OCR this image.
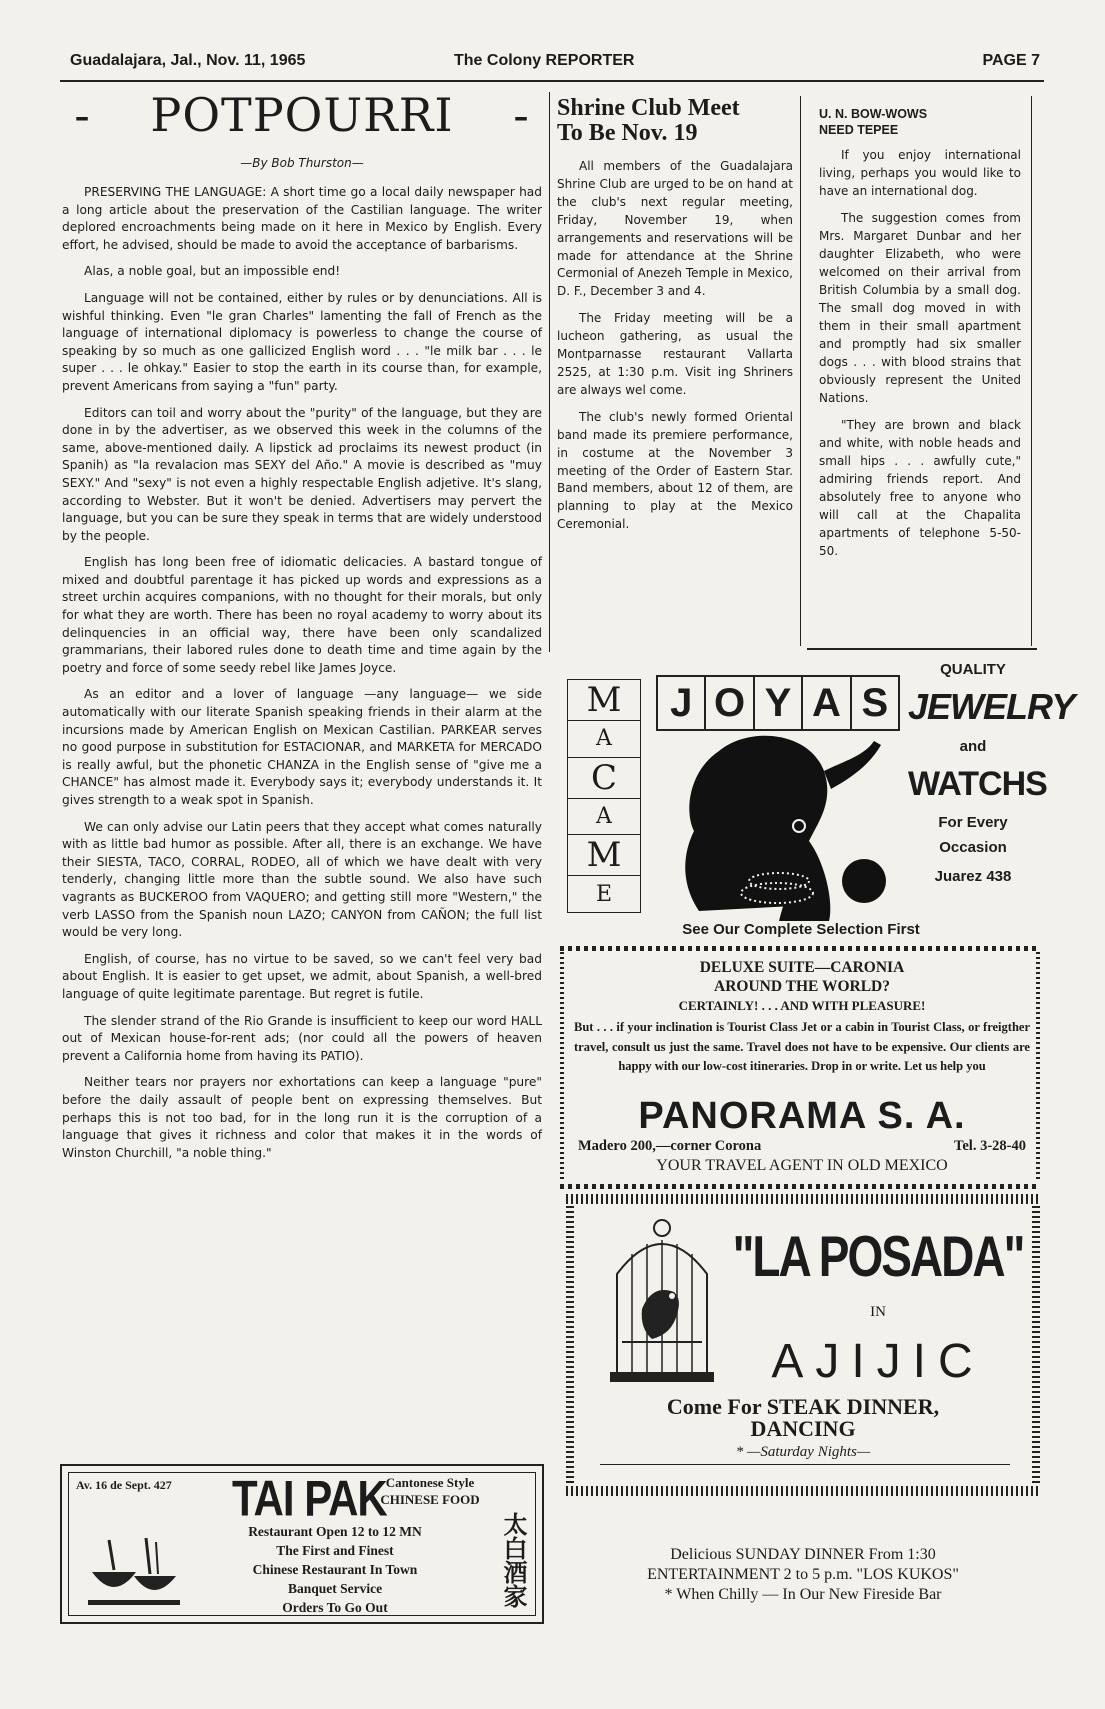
Guadalajara, Jal., Nov. 11, 1965	The Colony REPORTER	PAGE 7
- POTPOURRI -
—By Bob Thurston—

PRESERVING THE LANGUAGE: A short time go a local daily newspaper had a long article about the preservation of the Castilian language. The writer deplored encroachments being made on it here in Mexico by English. Every effort, he advised, should be made to avoid the acceptance of barbarisms.

Alas, a noble goal, but an impossible end!

Language will not be contained, either by rules or by denunciations. All is wishful thinking. Even "le gran Charles" lamenting the fall of French as the language of international diplomacy is powerless to change the course of speaking by so much as one gallicized English word . . . "le milk bar . . . le super . . . le ohkay." Easier to stop the earth in its course than, for example, prevent Americans from saying a "fun" party.

Editors can toil and worry about the "purity" of the language, but they are done in by the advertiser, as we observed this week in the columns of the same, above-mentioned daily. A lipstick ad proclaims its newest product (in Spanih) as "la revalacion mas SEXY del Año." A movie is described as "muy SEXY." And "sexy" is not even a highly respectable English adjetive. It's slang, according to Webster. But it won't be denied. Advertisers may pervert the language, but you can be sure they speak in terms that are widely understood by the people.

English has long been free of idiomatic delicacies. A bastard tongue of mixed and doubtful parentage it has picked up words and expressions as a street urchin acquires companions, with no thought for their morals, but only for what they are worth. There has been no royal academy to worry about its delinquencies in an official way, there have been only scandalized grammarians, their labored rules done to death time and time again by the poetry and force of some seedy rebel like James Joyce.

As an editor and a lover of language —any language— we side automatically with our literate Spanish speaking friends in their alarm at the incursions made by American English on Mexican Castilian. PARKEAR serves no good purpose in substitution for ESTACIONAR, and MARKETA for MERCADO is really awful, but the phonetic CHANZA in the English sense of "give me a CHANCE" has almost made it. Everybody says it; everybody understands it. It gives strength to a weak spot in Spanish.

We can only advise our Latin peers that they accept what comes naturally with as little bad humor as possible. After all, there is an exchange. We have their SIESTA, TACO, CORRAL, RODEO, all of which we have dealt with very tenderly, changing little more than the subtle sound. We also have such vagrants as BUCKEROO from VAQUERO; and getting still more "Western," the verb LASSO from the Spanish noun LAZO; CANYON from CAÑON; the full list would be very long.

English, of course, has no virtue to be saved, so we can't feel very bad about English. It is easier to get upset, we admit, about Spanish, a well-bred language of quite legitimate parentage. But regret is futile.

The slender strand of the Rio Grande is insufficient to keep our word HALL out of Mexican house-for-rent ads; (nor could all the powers of heaven prevent a California home from having its PATIO).

Neither tears nor prayers nor exhortations can keep a language "pure" before the daily assault of people bent on expressing themselves. But perhaps this is not too bad, for in the long run it is the corruption of a language that gives it richness and color that makes it in the words of Winston Churchill, "a noble thing."

Shrine Club Meet
To Be Nov. 19

All members of the Guadalajara Shrine Club are urged to be on hand at the club's next regular meeting, Friday, November 19, when arrangements and reservations will be made for attendance at the Shrine Cermonial of Anezeh Temple in Mexico, D. F., December 3 and 4.

The Friday meeting will be a lucheon gathering, as usual the Montparnasse restaurant Vallarta 2525, at 1:30 p.m. Visit ing Shriners are always wel come.

The club's newly formed Oriental band made its premiere performance, in costume at the November 3 meeting of the Order of Eastern Star. Band members, about 12 of them, are planning to play at the Mexico Ceremonial.

U. N. BOW-WOWS
NEED TEPEE

If you enjoy international living, perhaps you would like to have an international dog.

The suggestion comes from Mrs. Margaret Dunbar and her daughter Elizabeth, who were welcomed on their arrival from British Columbia by a small dog. The small dog moved in with them in their small apartment and promptly had six smaller dogs . . . with blood strains that obviously represent the United Nations.

"They are brown and black and white, with noble heads and small hips . . . awfully cute," admiring friends report. And absolutely free to anyone who will call at the Chapalita apartments of telephone 5-50-50.

M
A
C
A
M
E
J O Y A S
QUALITY
JEWELRY
and
WATCHS
For Every
Occasion
Juarez 438
See Our Complete Selection First
DELUXE SUITE—CARONIA
AROUND THE WORLD?
CERTAINLY! . . . AND WITH PLEASURE!
But . . . if your inclination is Tourist Class Jet or a cabin in Tourist Class, or freigther travel, consult us just the same. Travel does not have to be expensive. Our clients are happy with our low-cost itineraries. Drop in or write. Let us help you
PANORAMA S. A.
Madero 200,—corner Corona	Tel. 3-28-40
YOUR TRAVEL AGENT IN OLD MEXICO
"LA POSADA"
IN
AJIJIC
Come For STEAK DINNER,
DANCING
* —Saturday Nights—
Delicious SUNDAY DINNER From 1:30
ENTERTAINMENT 2 to 5 p.m. "LOS KUKOS"
* When Chilly — In Our New Fireside Bar
Av. 16 de Sept. 427 TAI PAK Cantonese Style
CHINESE FOOD
Restaurant Open 12 to 12 MN
The First and Finest
Chinese Restaurant In Town
Banquet Service
Orders To Go Out	太白酒家
